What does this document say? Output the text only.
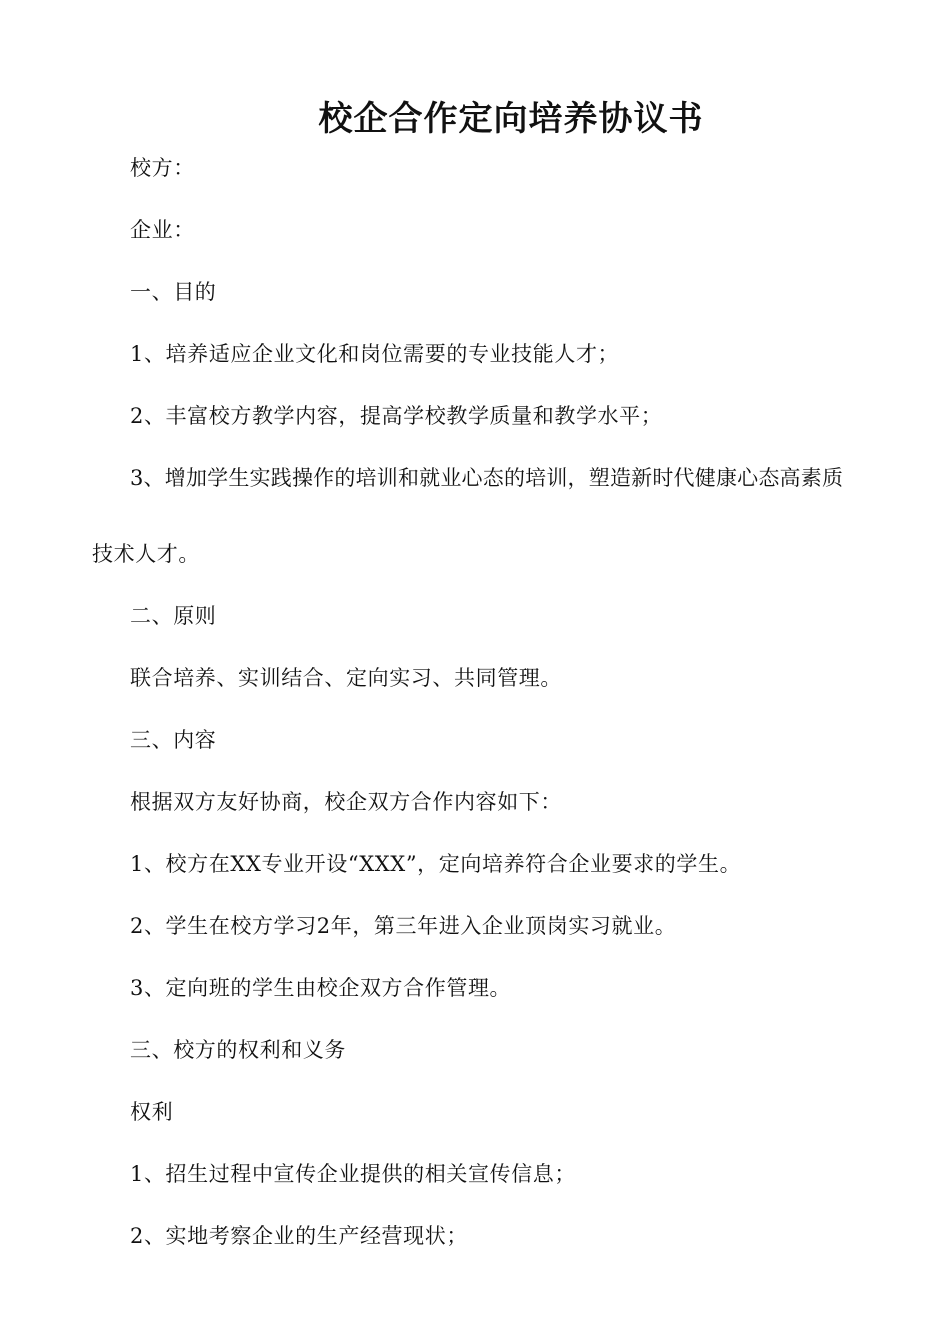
校企合作定向培养协议书
校方：
企业：
一、目的
1、培养适应企业文化和岗位需要的专业技能人才；
2、丰富校方教学内容，提高学校教学质量和教学水平；
3、增加学生实践操作的培训和就业心态的培训，塑造新时代健康心态高素质
技术人才。
二、原则
联合培养、实训结合、定向实习、共同管理。
三、内容
根据双方友好协商，校企双方合作内容如下：
1、校方在XX专业开设“XXX”，定向培养符合企业要求的学生。
2、学生在校方学习2年，第三年进入企业顶岗实习就业。
3、定向班的学生由校企双方合作管理。
三、校方的权利和义务
权利
1、招生过程中宣传企业提供的相关宣传信息；
2、实地考察企业的生产经营现状；
